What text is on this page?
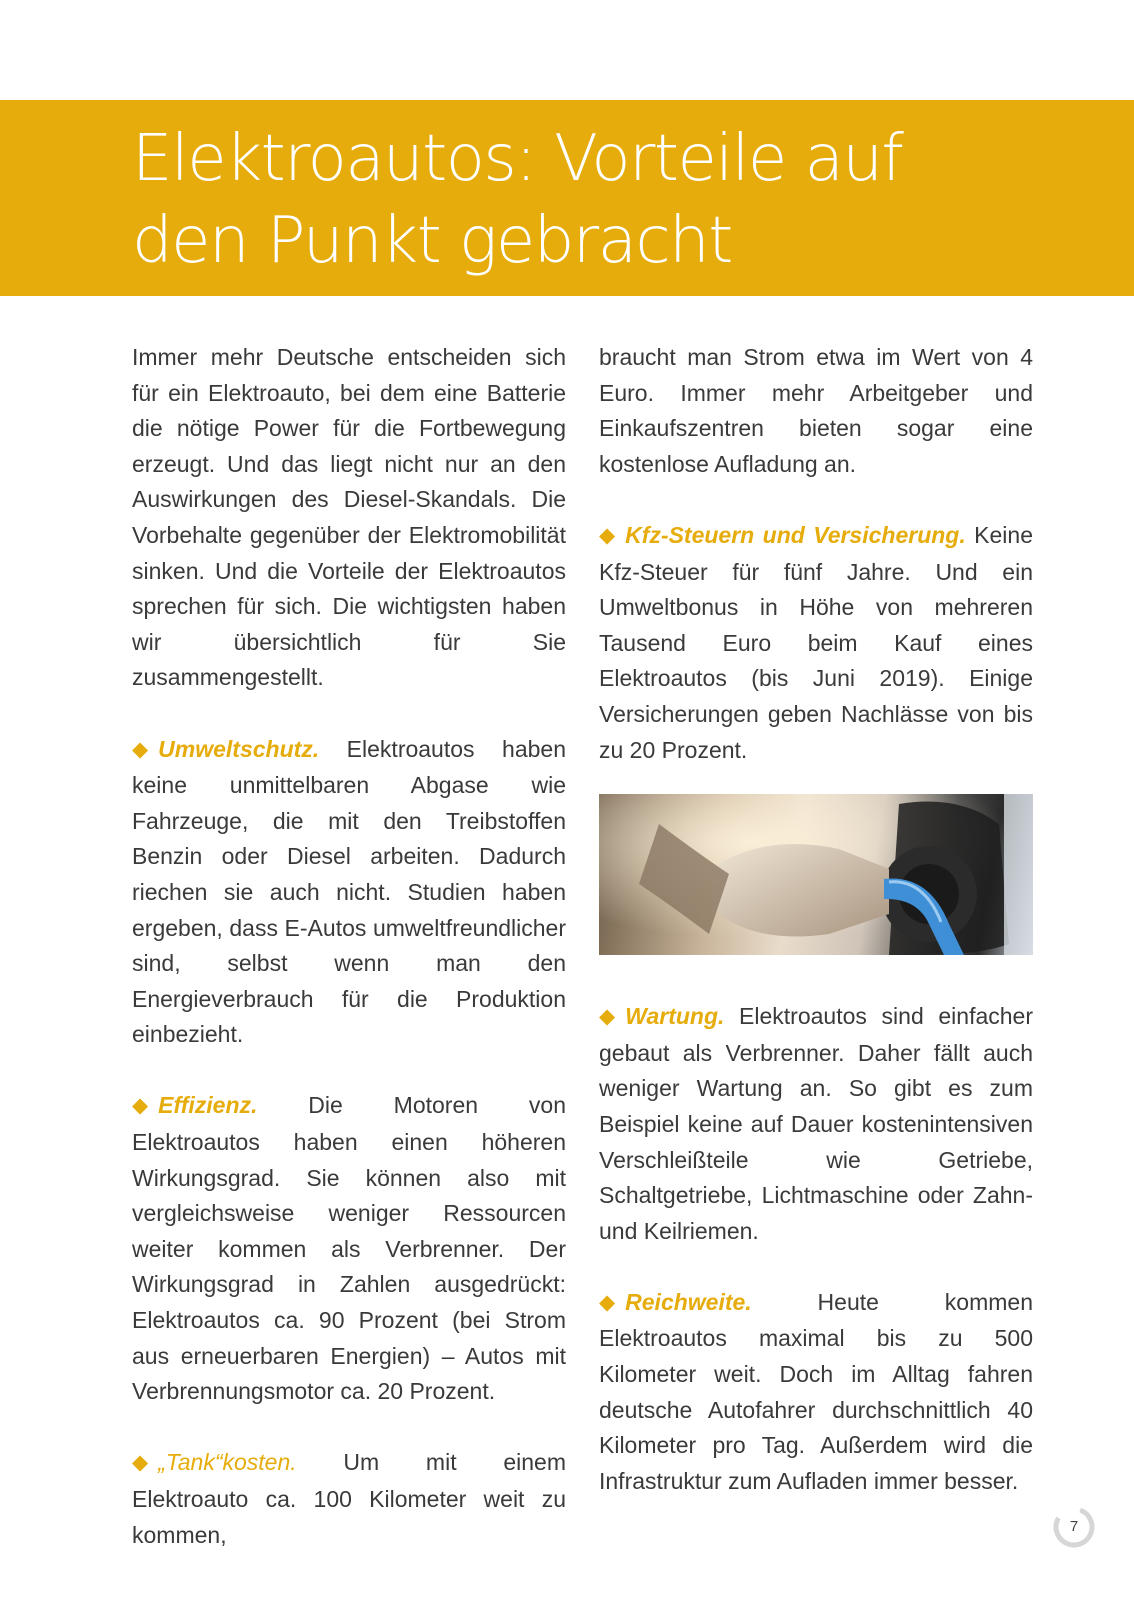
Elektroautos: Vorteile auf den Punkt gebracht

Immer mehr Deutsche entscheiden sich für ein Elektroauto, bei dem eine Batterie die nötige Power für die Fortbewegung erzeugt. Und das liegt nicht nur an den Auswirkungen des Diesel-Skandals. Die Vorbehalte gegenüber der Elektromobilität sinken. Und die Vorteile der Elektroautos sprechen für sich. Die wichtigsten haben wir übersichtlich für Sie zusammengestellt.

◆ Umweltschutz. Elektroautos haben keine unmittelbaren Abgase wie Fahrzeuge, die mit den Treibstoffen Benzin oder Diesel arbeiten. Dadurch riechen sie auch nicht. Studien haben ergeben, dass E-Autos umweltfreundlicher sind, selbst wenn man den Energieverbrauch für die Produktion einbezieht.

◆ Effizienz. Die Motoren von Elektroautos haben einen höheren Wirkungsgrad. Sie können also mit vergleichsweise weniger Ressourcen weiter kommen als Verbrenner. Der Wirkungsgrad in Zahlen ausgedrückt: Elektroautos ca. 90 Prozent (bei Strom aus erneuerbaren Energien) – Autos mit Verbrennungsmotor ca. 20 Prozent.

◆ „Tank“kosten. Um mit einem Elektroauto ca. 100 Kilometer weit zu kommen,

braucht man Strom etwa im Wert von 4 Euro. Immer mehr Arbeitgeber und Einkaufszentren bieten sogar eine kostenlose Aufladung an.

◆ Kfz-Steuern und Versicherung. Keine Kfz-Steuer für fünf Jahre. Und ein Umweltbonus in Höhe von mehreren Tausend Euro beim Kauf eines Elektroautos (bis Juni 2019). Einige Versicherungen geben Nachlässe von bis zu 20 Prozent.

◆ Wartung. Elektroautos sind einfacher gebaut als Verbrenner. Daher fällt auch weniger Wartung an. So gibt es zum Beispiel keine auf Dauer kostenintensiven Verschleißteile wie Getriebe, Schaltgetriebe, Lichtmaschine oder Zahn- und Keilriemen.

◆ Reichweite. Heute kommen Elektroautos maximal bis zu 500 Kilometer weit. Doch im Alltag fahren deutsche Autofahrer durchschnittlich 40 Kilometer pro Tag. Außerdem wird die Infrastruktur zum Aufladen immer besser.

7
